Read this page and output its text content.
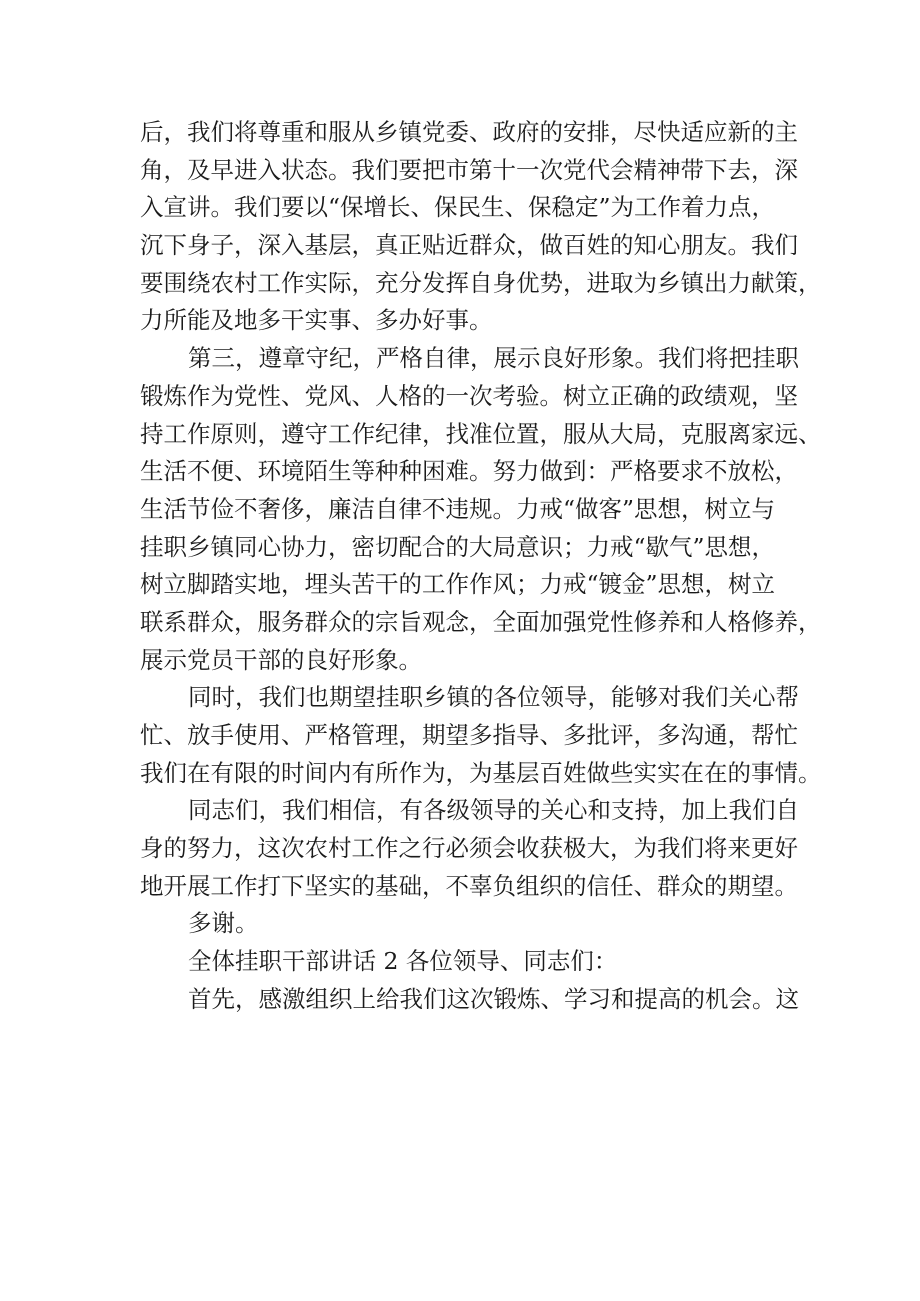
后，我们将尊重和服从乡镇党委、政府的安排，尽快适应新的主
角，及早进入状态。我们要把市第十一次党代会精神带下去，深
入宣讲。我们要以“保增长、保民生、保稳定”为工作着力点，
沉下身子，深入基层，真正贴近群众，做百姓的知心朋友。我们
要围绕农村工作实际，充分发挥自身优势，进取为乡镇出力献策，
力所能及地多干实事、多办好事。
第三，遵章守纪，严格自律，展示良好形象。我们将把挂职
锻炼作为党性、党风、人格的一次考验。树立正确的政绩观，坚
持工作原则，遵守工作纪律，找准位置，服从大局，克服离家远、
生活不便、环境陌生等种种困难。努力做到：严格要求不放松，
生活节俭不奢侈，廉洁自律不违规。力戒“做客”思想，树立与
挂职乡镇同心协力，密切配合的大局意识；力戒“歇气”思想，
树立脚踏实地，埋头苦干的工作作风；力戒“镀金”思想，树立
联系群众，服务群众的宗旨观念，全面加强党性修养和人格修养，
展示党员干部的良好形象。
同时，我们也期望挂职乡镇的各位领导，能够对我们关心帮
忙、放手使用、严格管理，期望多指导、多批评，多沟通，帮忙
我们在有限的时间内有所作为，为基层百姓做些实实在在的事情。
同志们，我们相信，有各级领导的关心和支持，加上我们自
身的努力，这次农村工作之行必须会收获极大，为我们将来更好
地开展工作打下坚实的基础，不辜负组织的信任、群众的期望。
多谢。
全体挂职干部讲话 2 各位领导、同志们：
首先，感激组织上给我们这次锻炼、学习和提高的机会。这
